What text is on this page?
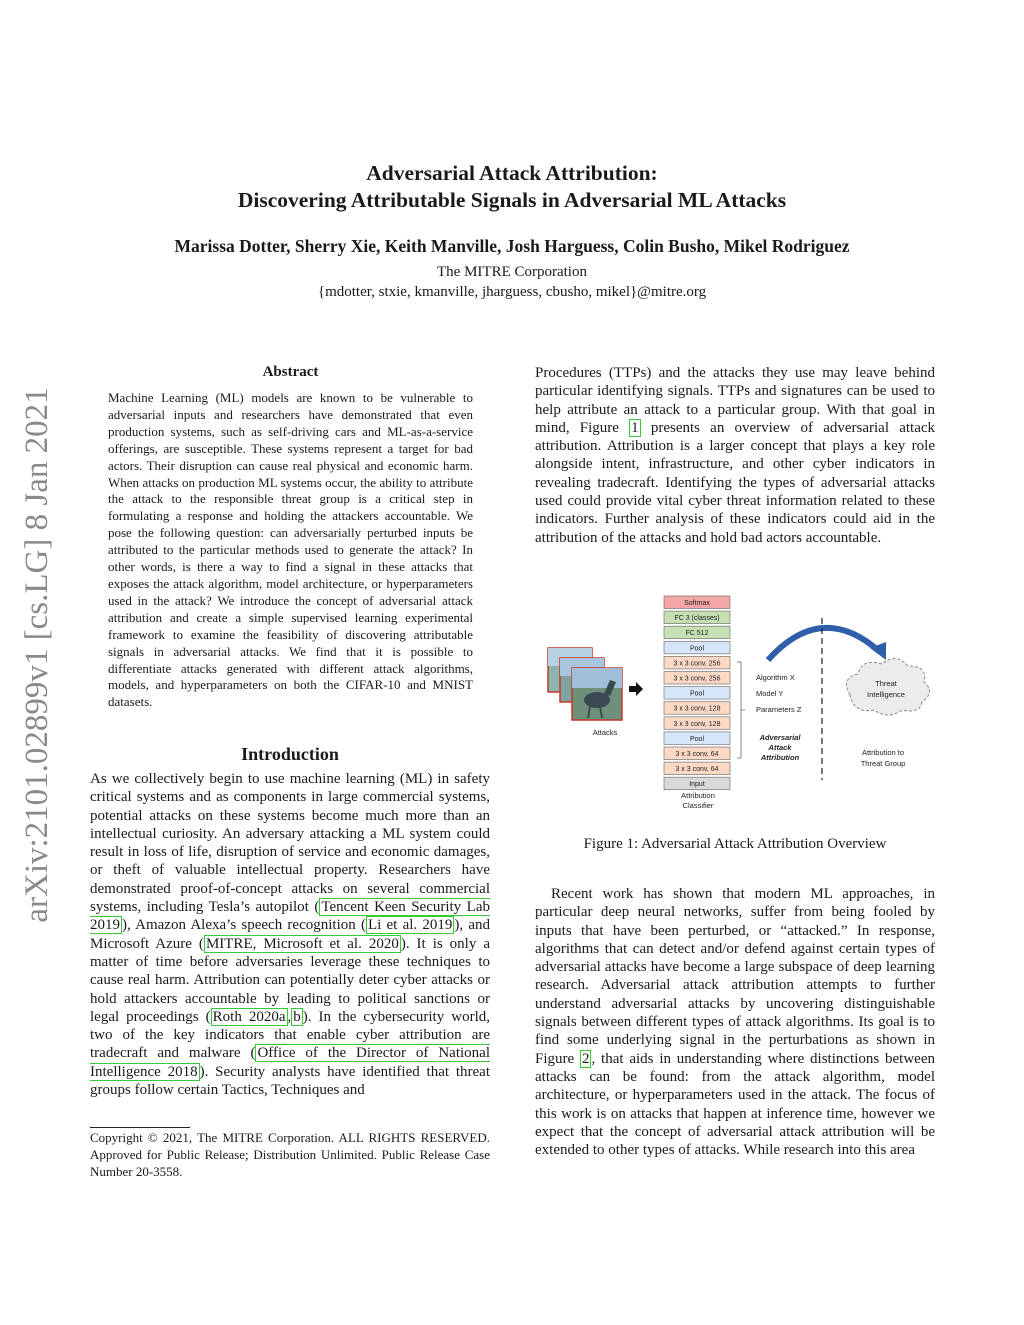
Adversarial Attack Attribution:
Discovering Attributable Signals in Adversarial ML Attacks
Marissa Dotter, Sherry Xie, Keith Manville, Josh Harguess, Colin Busho, Mikel Rodriguez
The MITRE Corporation
{mdotter, stxie, kmanville, jharguess, cbusho, mikel}@mitre.org
arXiv:2101.02899v1 [cs.LG] 8 Jan 2021
Abstract
Machine Learning (ML) models are known to be vulnerable to adversarial inputs and researchers have demonstrated that even production systems, such as self-driving cars and ML-as-a-service offerings, are susceptible. These systems represent a target for bad actors. Their disruption can cause real physical and economic harm. When attacks on production ML systems occur, the ability to attribute the attack to the responsible threat group is a critical step in formulating a response and holding the attackers accountable. We pose the following question: can adversarially perturbed inputs be attributed to the particular methods used to generate the attack? In other words, is there a way to find a signal in these attacks that exposes the attack algorithm, model architecture, or hyperparameters used in the attack? We introduce the concept of adversarial attack attribution and create a simple supervised learning experimental framework to examine the feasibility of discovering attributable signals in adversarial attacks. We find that it is possible to differentiate attacks generated with different attack algorithms, models, and hyperparameters on both the CIFAR-10 and MNIST datasets.
Introduction
As we collectively begin to use machine learning (ML) in safety critical systems and as components in large commercial systems, potential attacks on these systems become much more than an intellectual curiosity. An adversary attacking a ML system could result in loss of life, disruption of service and economic damages, or theft of valuable intellectual property. Researchers have demonstrated proof-of-concept attacks on several commercial systems, including Tesla’s autopilot ( Tencent Keen Security Lab 2019 ), Amazon Alexa’s speech recognition ( Li et al. 2019 ), and Microsoft Azure ( MITRE, Microsoft et al. 2020 ). It is only a matter of time before adversaries leverage these techniques to cause real harm. Attribution can potentially deter cyber attacks or hold attackers accountable by leading to political sanctions or legal proceedings ( Roth 2020a , b ). In the cybersecurity world, two of the key indicators that enable cyber attribution are tradecraft and malware ( Office of the Director of National Intelligence 2018 ). Security analysts have identified that threat groups follow certain Tactics, Techniques and
Copyright © 2021, The MITRE Corporation. ALL RIGHTS RESERVED. Approved for Public Release; Distribution Unlimited. Public Release Case Number 20-3558.
Procedures (TTPs) and the attacks they use may leave behind particular identifying signals. TTPs and signatures can be used to help attribute an attack to a particular group. With that goal in mind, Figure 1 presents an overview of adversarial attack attribution. Attribution is a larger concept that plays a key role alongside intent, infrastructure, and other cyber indicators in revealing tradecraft. Identifying the types of adversarial attacks used could provide vital cyber threat information related to these indicators. Further analysis of these indicators could aid in the attribution of the attacks and hold bad actors accountable.
Attacks
Softmax
FC 3 (classes)
FC 512
Pool
3 x 3 conv, 256
3 x 3 conv, 256
Pool
3 x 3 conv, 128
3 x 3 conv, 128
Pool
3 x 3 conv, 64
3 x 3 conv, 64
Input
Attribution
Classifier
Algorithm X
Model Y
Parameters Z
Adversarial
Attack
Attribution
Threat
Intelligence
Attribution to
Threat Group
Figure 1: Adversarial Attack Attribution Overview
Recent work has shown that modern ML approaches, in particular deep neural networks, suffer from being fooled by inputs that have been perturbed, or “attacked.” In response, algorithms that can detect and/or defend against certain types of adversarial attacks have become a large subspace of deep learning research. Adversarial attack attribution attempts to further understand adversarial attacks by uncovering distinguishable signals between different types of attack algorithms. Its goal is to find some underlying signal in the perturbations as shown in Figure 2 , that aids in understanding where distinctions between attacks can be found: from the attack algorithm, model architecture, or hyperparameters used in the attack. The focus of this work is on attacks that happen at inference time, however we expect that the concept of adversarial attack attribution will be extended to other types of attacks. While research into this area
